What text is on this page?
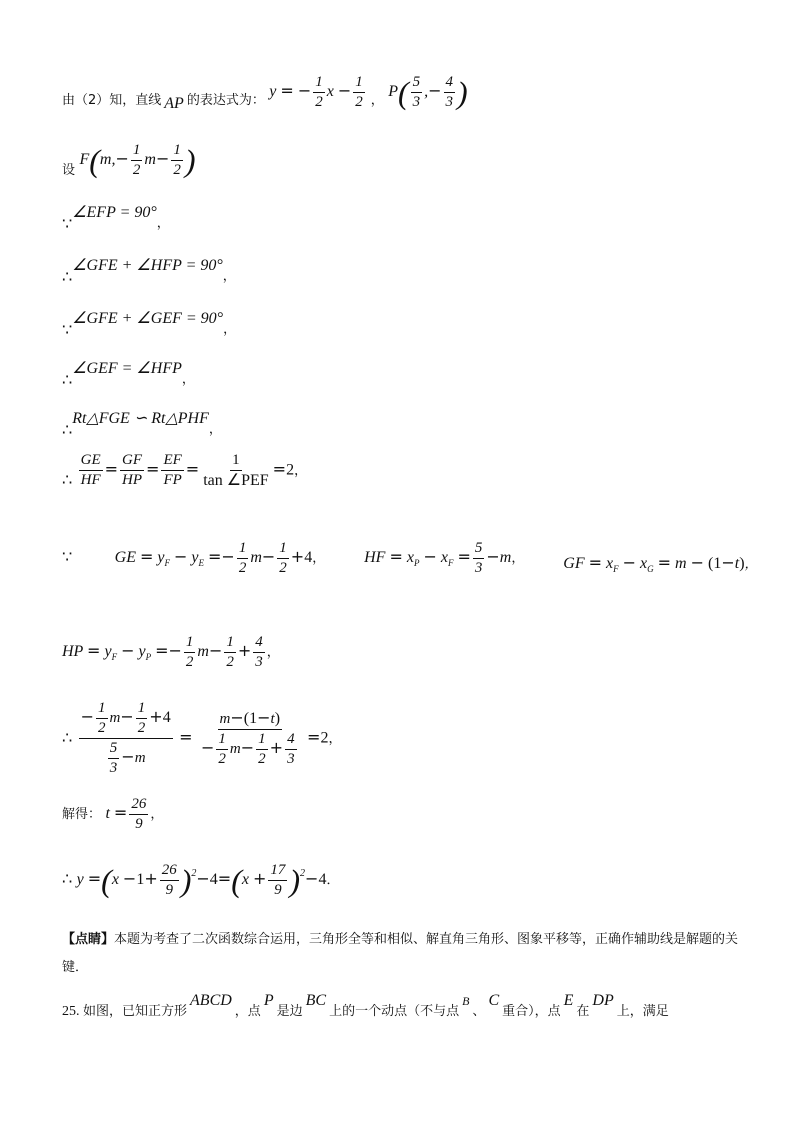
由（2）知，直线 AP 的表达式为： y = − $\frac{1}{2}$ $x - \frac{1}{2}$ ， $P( \frac{5}{3}$ ,− $\frac{4}{3}$ )
设 $F(m,- \frac{1}{2} m- \frac{1}{2}$ )
∵∠EFP = 90°，
∴∠GFE + ∠HFP = 90°，
∵∠GFE + ∠GEF = 90°，
∴∠GEF = ∠HFP，
∴Rt△FGE ∽ Rt△PHF，
∴ $\frac{GE}{HF} = \frac{GF}{HP} = \frac{EF}{FP} = \frac{1}{\text{tan ∠PEF}} =2$，
∵	GE = $y_F - y_E =- \frac{1}{2} m- \frac{1}{2} +4$， HF = $x_P - x_F = \frac{5}{3} -m$， GF = $x_F - x_G = m - (1-t)$，
HP = $y_F - y_P =- \frac{1}{2} m- \frac{1}{2} + \frac{4}{3}$ ，
∴ $\frac{- \frac{1}{2} m- \frac{1}{2} +4}{\frac{5}{3} -m} = \frac{m-(1-t)}{- \frac{1}{2} m- \frac{1}{2} + \frac{4}{3}} =2$，
解得： $t = \frac{26}{9}$ ，
∴ $y =(x -1+ \frac{26}{9} )^2-4=(x + \frac{17}{9} )^2-4$．
【点睛】本题为考查了二次函数综合运用，三角形全等和相似、解直角三角形、图象平移等，正确作辅助线是解题的关键．
25. 如图，已知正方形ABCD，点P是边BC上的一个动点（不与点B、C重合），点E在DP上，满足
